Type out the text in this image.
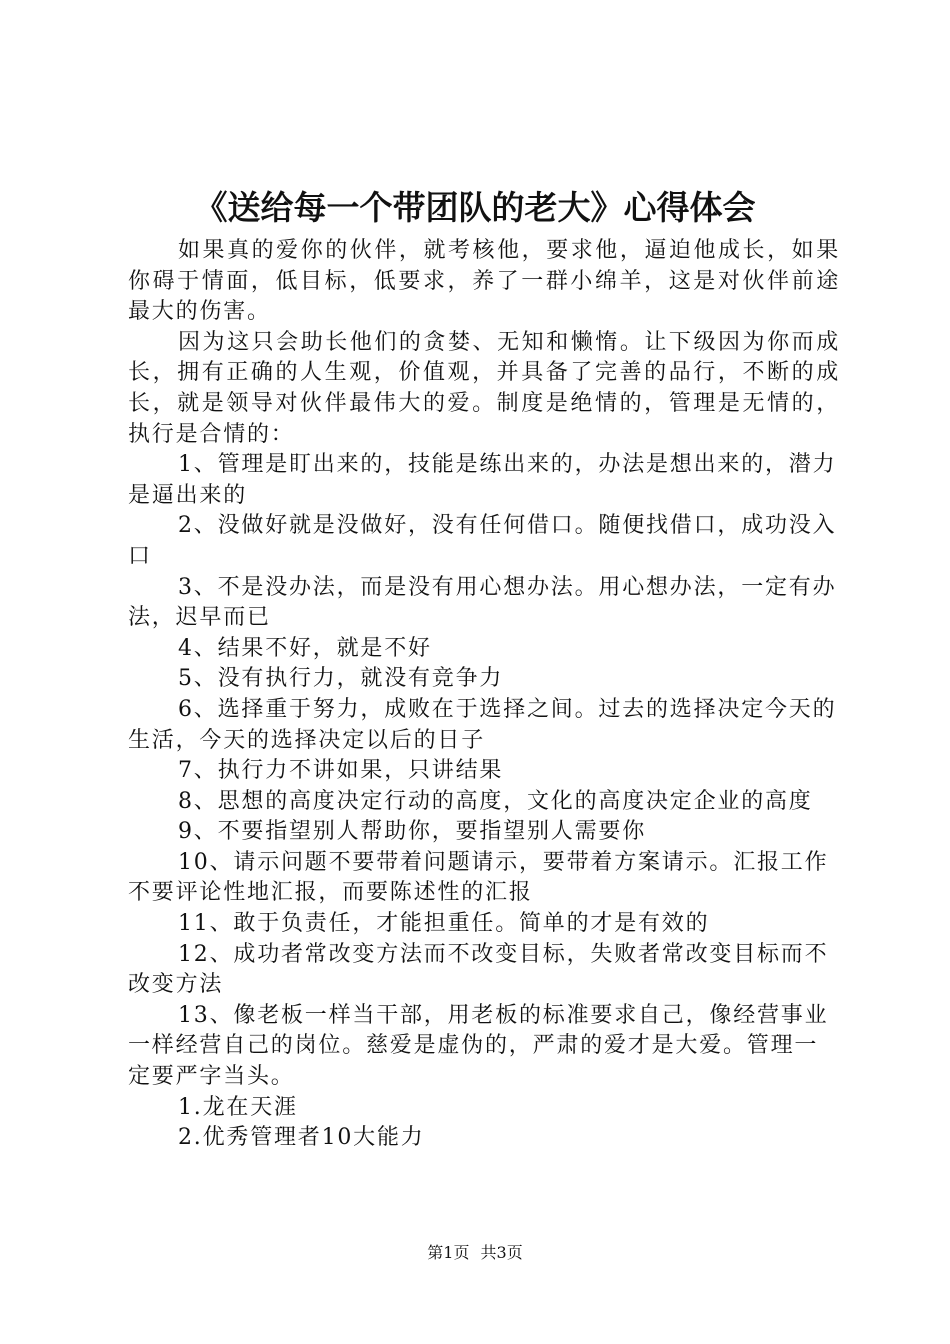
《送给每一个带团队的老大》心得体会

如果真的爱你的伙伴，就考核他，要求他，逼迫他成长，如果你碍于情面，低目标，低要求，养了一群小绵羊，这是对伙伴前途最大的伤害。

因为这只会助长他们的贪婪、无知和懒惰。让下级因为你而成长，拥有正确的人生观，价值观，并具备了完善的品行，不断的成长，就是领导对伙伴最伟大的爱。制度是绝情的，管理是无情的，执行是合情的：

1、管理是盯出来的，技能是练出来的，办法是想出来的，潜力是逼出来的

2、没做好就是没做好，没有任何借口。随便找借口，成功没入口

3、不是没办法，而是没有用心想办法。用心想办法，一定有办法，迟早而已

4、结果不好，就是不好

5、没有执行力，就没有竞争力

6、选择重于努力，成败在于选择之间。过去的选择决定今天的生活，今天的选择决定以后的日子

7、执行力不讲如果，只讲结果

8、思想的高度决定行动的高度，文化的高度决定企业的高度

9、不要指望别人帮助你，要指望别人需要你

10、请示问题不要带着问题请示，要带着方案请示。汇报工作不要评论性地汇报，而要陈述性的汇报

11、敢于负责任，才能担重任。简单的才是有效的

12、成功者常改变方法而不改变目标，失败者常改变目标而不改变方法

13、像老板一样当干部，用老板的标准要求自己，像经营事业一样经营自己的岗位。慈爱是虚伪的，严肃的爱才是大爱。管理一定要严字当头。

1.龙在天涯

2.优秀管理者10大能力

第1页 共3页
